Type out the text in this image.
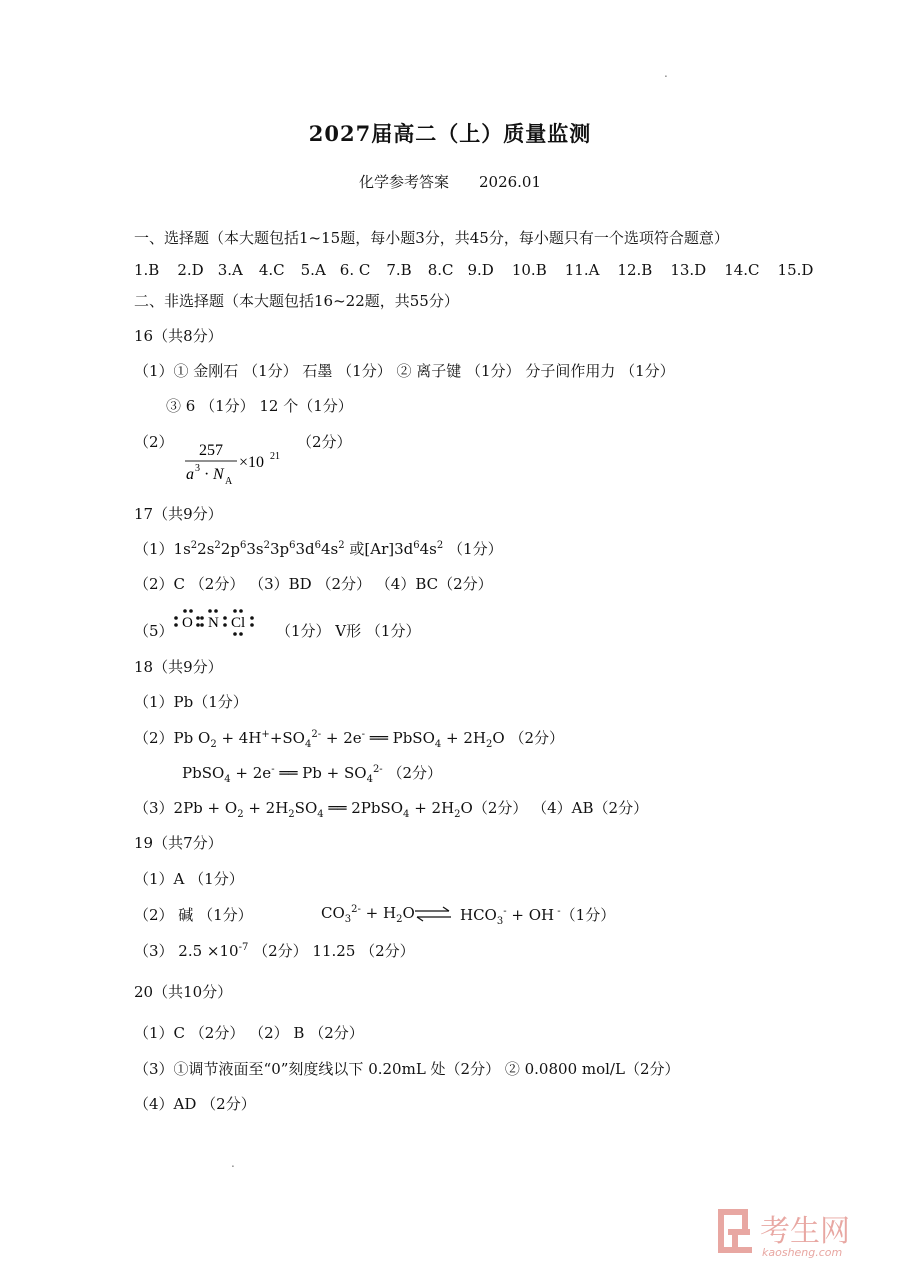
.
2027届高二（上）质量监测
化学参考答案　　2026.01
一、选择题（本大题包括1~15题，每小题3分，共45分，每小题只有一个选项符合题意）
1.B 2.D 3.A 4.C 5.A 6. C 7.B 8.C 9.D 10.B 11.A 12.B 13.D 14.C 15.D
二、非选择题（本大题包括16~22题，共55分）
16（共8分）
（1）① 金刚石 （1分） 石墨 （1分） ② 离子键 （1分） 分子间作用力 （1分）
③ 6 （1分） 12 个（1分）
（2） 257
a 3 · N A
×10 21
（2分）
17（共9分）
$(1)1s^22s^22p^63s^23p^63d^64s^2$ 或$[Ar]3d^64s^2$ （1分）
（2）C （2分） （3）BD （2分） （4）BC（2分）
（5） O N Cl （1分） V形 （1分）
18（共9分）
（1）Pb（1分）
（2）Pb $O_2 + 4H^++SO_4^{2-} + 2e^-$ ══ PbSO$_4$ + $2H_2O$ （2分）
PbSO$_4$ + 2e- ══ $Pb + SO_4^{2-}$ （2分）
$(3)2Pb + O_2 + 2H_2SO_4$ ══ 2PbSO$_4$ + $2H_2O(2$分） （4）AB（2分）
19（共7分）
（1）A （1分）
（2） 碱 （1分）	$CO_3^{2-} + H_2O$ ⇌ $HCO_3^-$ + OH -（1分）
（3） $2.5 \times 10^{-7}$ （2分） 11.25 （2分）
20（共10分）
（1）C （2分） （2） B （2分）
（3）①调节液面至“0”刻度线以下 0.20mL 处（2分） ② 0.0800 mol/L（2分）
（4）AD （2分）
.
考生网
kaosheng.com
